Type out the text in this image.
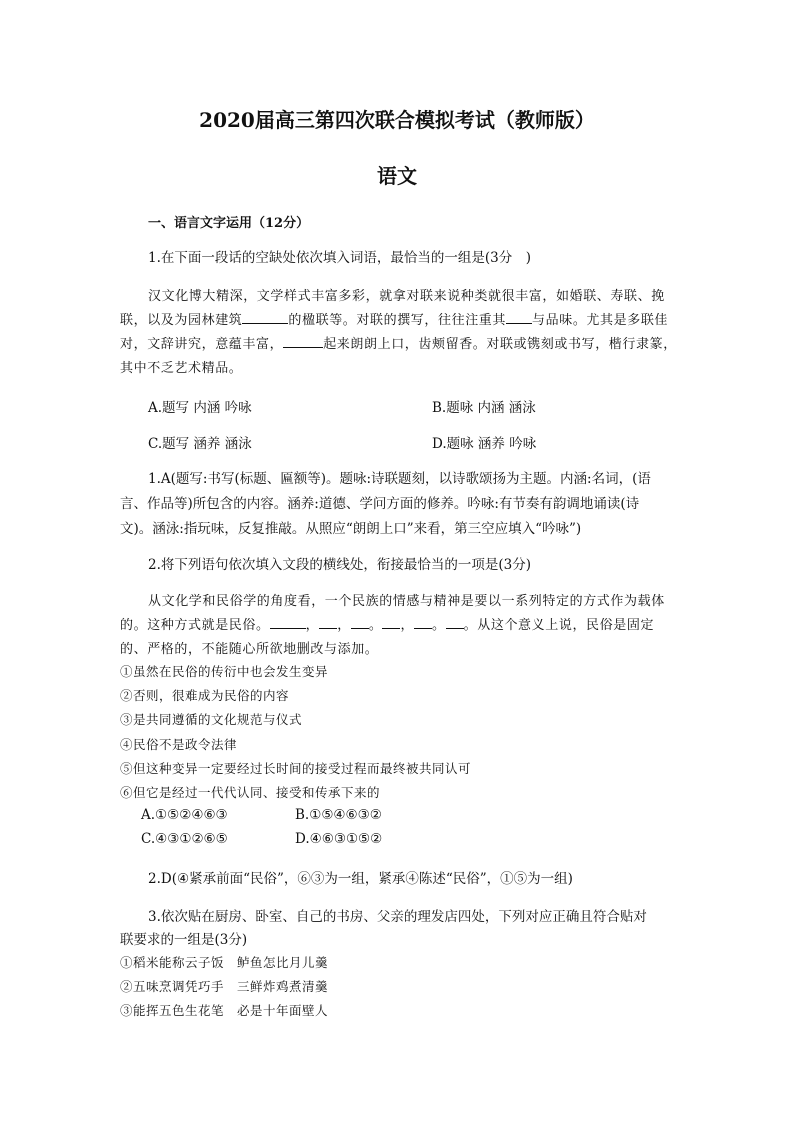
2020届高三第四次联合模拟考试（教师版）
语文
一、语言文字运用（12分）
1.在下面一段话的空缺处依次填入词语，最恰当的一组是(3分　)
汉文化博大精深，文学样式丰富多彩，就拿对联来说种类就很丰富，如婚联、寿联、挽
联，以及为园林建筑	的楹联等。对联的撰写，往往注重其 与品味。尤其是多联佳
对，文辞讲究，意蕴丰富，	起来朗朗上口，齿颊留香。对联或镌刻或书写，楷行隶篆，
其中不乏艺术精品。
A.题写 内涵 吟咏	B.题咏 内涵 涵泳
C.题写 涵养 涵泳	D.题咏 涵养 吟咏
1.A(题写:书写(标题、匾额等)。题咏:诗联题刻，以诗歌颂扬为主题。内涵:名词，(语
言、作品等)所包含的内容。涵养:道德、学问方面的修养。吟咏:有节奏有韵调地诵读(诗
文)。涵泳:指玩味，反复推敲。从照应“朗朗上口”来看，第三空应填入“吟咏”)
2.将下列语句依次填入文段的横线处，衔接最恰当的一项是(3分)
从文化学和民俗学的角度看，一个民族的情感与精神是要以一系列特定的方式作为载体
的。这种方式就是民俗。	， ， 。 ， 。 。从这个意义上说，民俗是固定
的、严格的，不能随心所欲地删改与添加。
①虽然在民俗的传衍中也会发生变异
②否则，很难成为民俗的内容
③是共同遵循的文化规范与仪式
④民俗不是政令法律
⑤但这种变异一定要经过长时间的接受过程而最终被共同认可
⑥但它是经过一代代认同、接受和传承下来的
A.①⑤②④⑥③	B.①⑤④⑥③②
C.④③①②⑥⑤	D.④⑥③①⑤②
2.D(④紧承前面“民俗”，⑥③为一组，紧承④陈述“民俗”，①⑤为一组)
3.依次贴在厨房、卧室、自己的书房、父亲的理发店四处，下列对应正确且符合贴对
联要求的一组是(3分)
①稻米能称云子饭　鲈鱼怎比月儿羹
②五味烹调凭巧手　三鲜炸鸡煮清羹
③能挥五色生花笔　必是十年面壁人
